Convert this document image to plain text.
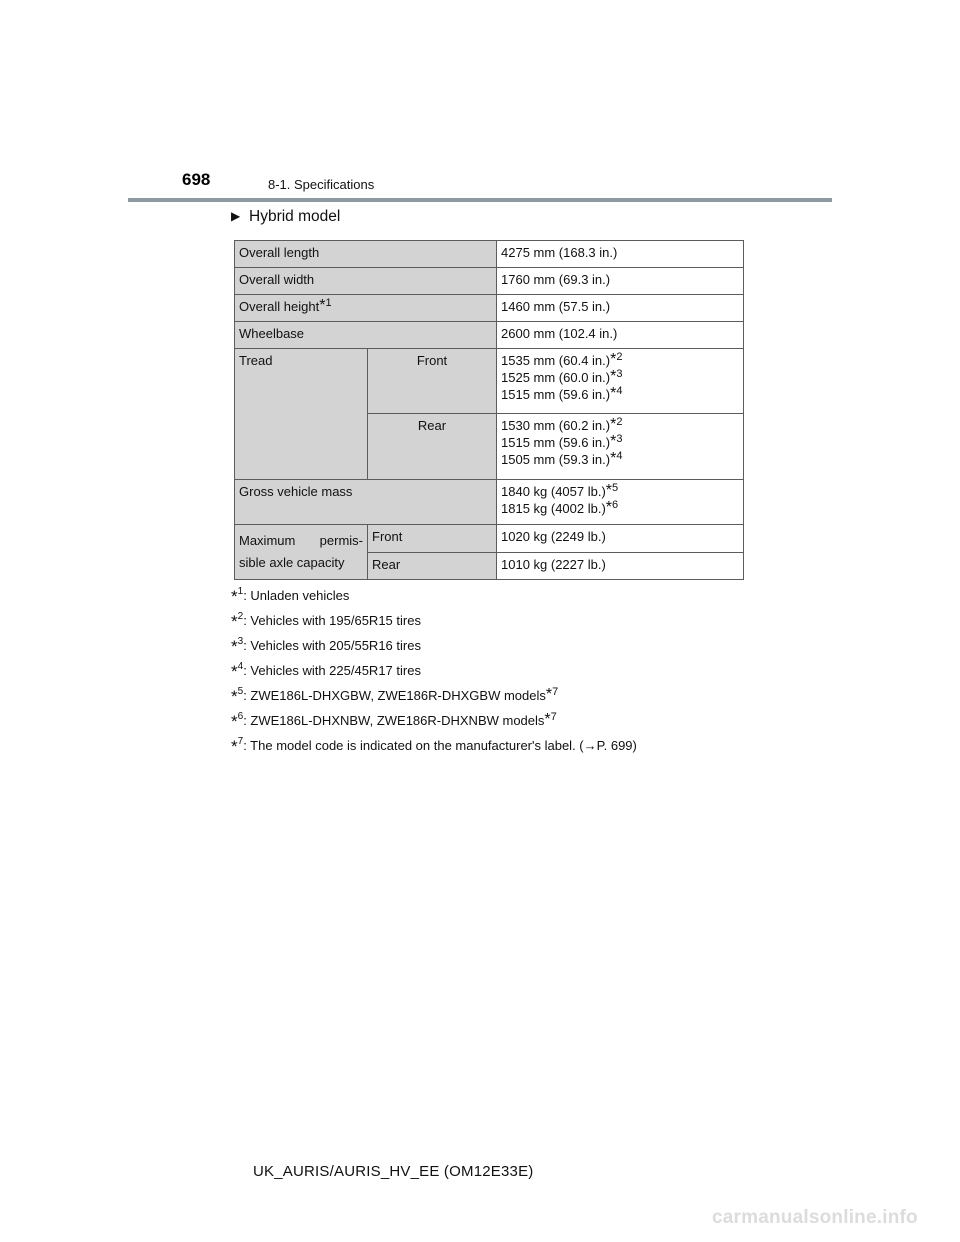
698	8-1. Specifications
▶ Hybrid model
Overall length		4275 mm (168.3 in.)
Overall width		1760 mm (69.3 in.)
Overall height$^{*1}$		1460 mm (57.5 in.)
Wheelbase		2600 mm (102.4 in.)
Tread	Front	1535 mm (60.4 in.)$^{*2}$
1525 mm (60.0 in.)$^{*3}$
1515 mm (59.6 in.)$^{*4}$

	Rear	1530 mm (60.2 in.)$^{*2}$
1515 mm (59.6 in.)$^{*3}$
1505 mm (59.3 in.)$^{*4}$

Gross vehicle mass		1840 kg (4057 lb.)$^{*5}$
1815 kg (4002 lb.)$^{*6}$

Maximum permis-
sible axle capacity	Front	1020 kg (2249 lb.)
	Rear	1010 kg (2227 lb.)
*$^1$: Unladen vehicles
*$^2$: Vehicles with 195/65R15 tires
*$^3$: Vehicles with 205/55R16 tires
*$^4$: Vehicles with 225/45R17 tires
*$^5$: ZWE186L-DHXGBW, ZWE186R-DHXGBW models$^{*7}$
*$^6$: ZWE186L-DHXNBW, ZWE186R-DHXNBW models$^{*7}$
*$^7$: The model code is indicated on the manufacturer's label. (→P. 699)
UK_AURIS/AURIS_HV_EE (OM12E33E)
carmanualsonline.info
